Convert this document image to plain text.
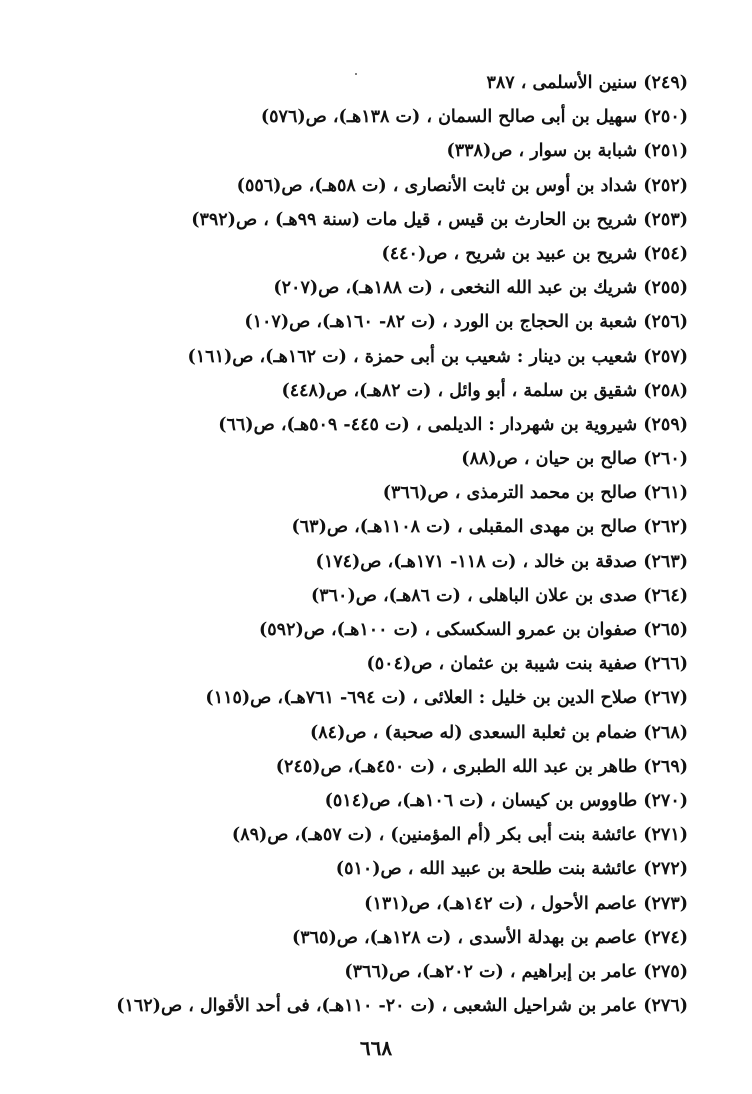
(٢٤٩) سنين الأسلمى ، ٣٨٧
(٢٥٠) سهيل بن أبى صالح السمان ، (ت ١٣٨هـ)، ص(٥٧٦)
(٢٥١) شبابة بن سوار ، ص(٣٣٨)
(٢٥٢) شداد بن أوس بن ثابت الأنصارى ، (ت ٥٨هـ)، ص(٥٥٦)
(٢٥٣) شريح بن الحارث بن قيس ، قيل مات (سنة ٩٩هـ) ، ص(٣٩٢)
(٢٥٤) شريح بن عبيد بن شريح ، ص(٤٤٠)
(٢٥٥) شريك بن عبد الله النخعى ، (ت ١٨٨هـ)، ص(٢٠٧)
(٢٥٦) شعبة بن الحجاج بن الورد ، (ت ٨٢- ١٦٠هـ)، ص(١٠٧)
(٢٥٧) شعيب بن دينار : شعيب بن أبى حمزة ، (ت ١٦٢هـ)، ص(١٦١)
(٢٥٨) شقيق بن سلمة ، أبو وائل ، (ت ٨٢هـ)، ص(٤٤٨)
(٢٥٩) شيروية بن شهردار : الديلمى ، (ت ٤٤٥- ٥٠٩هـ)، ص(٦٦)
(٢٦٠) صالح بن حيان ، ص(٨٨)
(٢٦١) صالح بن محمد الترمذى ، ص(٣٦٦)
(٢٦٢) صالح بن مهدى المقبلى ، (ت ١١٠٨هـ)، ص(٦٣)
(٢٦٣) صدقة بن خالد ، (ت ١١٨- ١٧١هـ)، ص(١٧٤)
(٢٦٤) صدى بن علان الباهلى ، (ت ٨٦هـ)، ص(٣٦٠)
(٢٦٥) صفوان بن عمرو السكسكى ، (ت ١٠٠هـ)، ص(٥٩٢)
(٢٦٦) صفية بنت شيبة بن عثمان ، ص(٥٠٤)
(٢٦٧) صلاح الدين بن خليل : العلائى ، (ت ٦٩٤- ٧٦١هـ)، ص(١١٥)
(٢٦٨) ضمام بن ثعلبة السعدى (له صحبة) ، ص(٨٤)
(٢٦٩) طاهر بن عبد الله الطبرى ، (ت ٤٥٠هـ)، ص(٢٤٥)
(٢٧٠) طاووس بن كيسان ، (ت ١٠٦هـ)، ص(٥١٤)
(٢٧١) عائشة بنت أبى بكر (أم المؤمنين) ، (ت ٥٧هـ)، ص(٨٩)
(٢٧٢) عائشة بنت طلحة بن عبيد الله ، ص(٥١٠)
(٢٧٣) عاصم الأحول ، (ت ١٤٢هـ)، ص(١٣١)
(٢٧٤) عاصم بن بهدلة الأسدى ، (ت ١٢٨هـ)، ص(٣٦٥)
(٢٧٥) عامر بن إبراهيم ، (ت ٢٠٢هـ)، ص(٣٦٦)
(٢٧٦) عامر بن شراحيل الشعبى ، (ت ٢٠- ١١٠هـ)، فى أحد الأقوال ، ص(١٦٢)
٦٦٨
